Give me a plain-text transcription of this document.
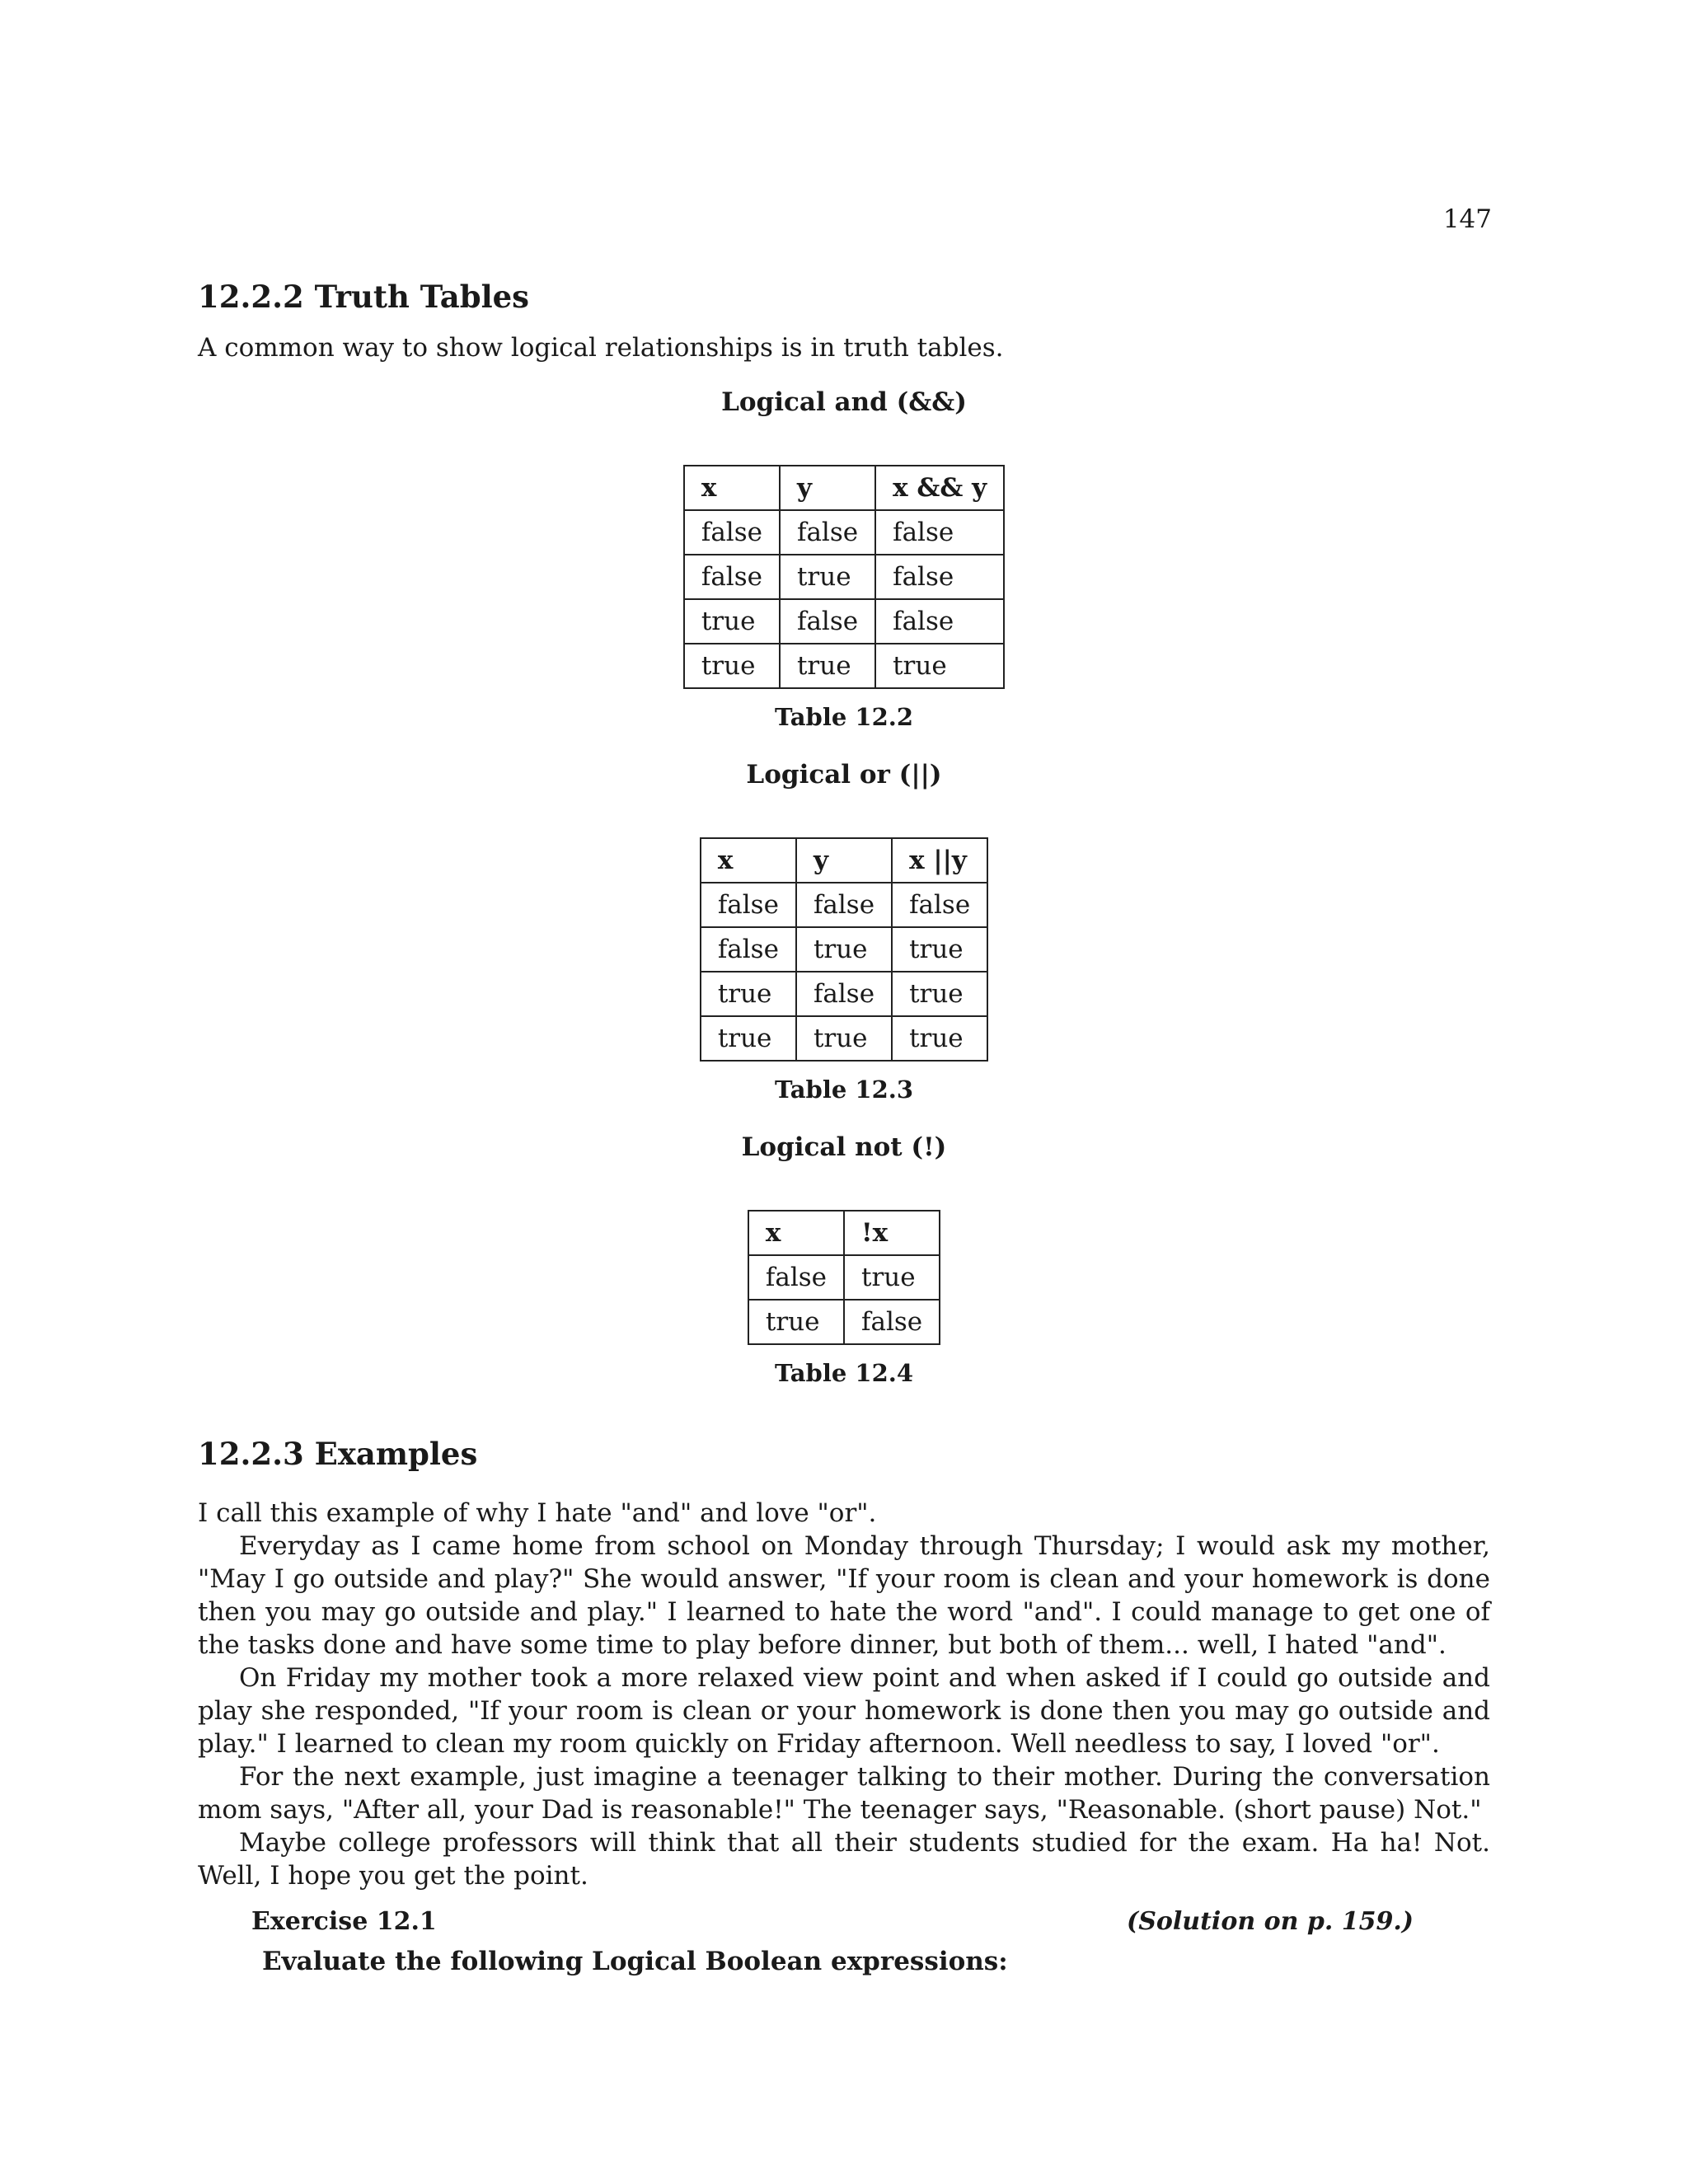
147
12.2.2 Truth Tables

A common way to show logical relationships is in truth tables.

Logical and (&&)
x	y	x && y
false	false	false
false	true	false
true	false	false
true	true	true
Table 12.2
Logical or (||)
x	y	x ||y
false	false	false
false	true	true
true	false	true
true	true	true
Table 12.3
Logical not (!)
x	!x
false	true
true	false
Table 12.4
12.2.3 Examples

I call this example of why I hate "and" and love "or".

Everyday as I came home from school on Monday through Thursday; I would ask my mother, "May I go outside and play?" She would answer, "If your room is clean and your homework is done then you may go outside and play." I learned to hate the word "and". I could manage to get one of the tasks done and have some time to play before dinner, but both of them... well, I hated "and".

On Friday my mother took a more relaxed view point and when asked if I could go outside and play she responded, "If your room is clean or your homework is done then you may go outside and play." I learned to clean my room quickly on Friday afternoon. Well needless to say, I loved "or".

For the next example, just imagine a teenager talking to their mother. During the conversation mom says, "After all, your Dad is reasonable!" The teenager says, "Reasonable. (short pause) Not."

Maybe college professors will think that all their students studied for the exam. Ha ha! Not. Well, I hope you get the point.

Exercise 12.1	(Solution on p. 159.)

Evaluate the following Logical Boolean expressions:
